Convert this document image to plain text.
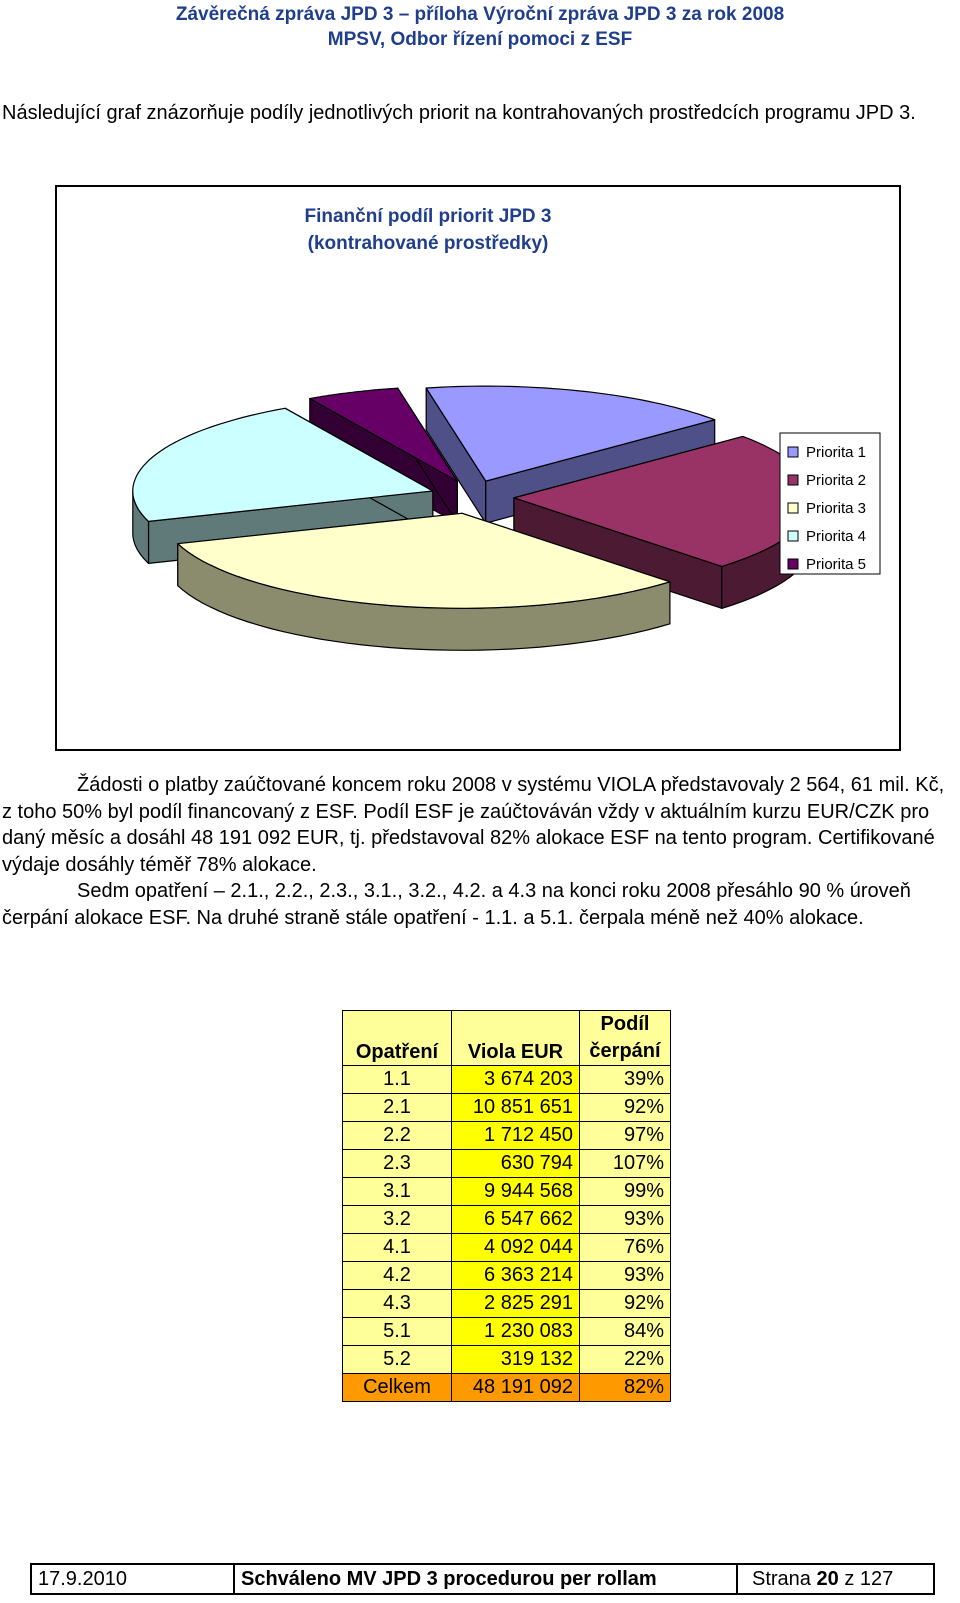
Závěrečná zpráva JPD 3 – příloha Výroční zpráva JPD 3 za rok 2008
MPSV, Odbor řízení pomoci z ESF
Následující graf znázorňuje podíly jednotlivých priorit na kontrahovaných prostředcích programu JPD 3.
Finanční podíl priorit JPD 3
(kontrahované prostředky)
Priorita 1
Priorita 2
Priorita 3
Priorita 4
Priorita 5

Žádosti o platby zaúčtované koncem roku 2008 v systému VIOLA představovaly 2 564, 61 mil. Kč, z toho 50% byl podíl financovaný z ESF. Podíl ESF je zaúčtováván vždy v aktuálním kurzu EUR/CZK pro daný měsíc a dosáhl 48 191 092 EUR, tj. představoval 82% alokace ESF na tento program. Certifikované výdaje dosáhly téměř 78% alokace.

Sedm opatření – 2.1., 2.2., 2.3., 3.1., 3.2., 4.2. a 4.3 na konci roku 2008 přesáhlo 90 % úroveň čerpání alokace ESF. Na druhé straně stále opatření - 1.1. a 5.1. čerpala méně než 40% alokace.

Opatření	Viola EUR	Podíl čerpání
1.1	3 674 203	39%
2.1	10 851 651	92%
2.2	1 712 450	97%
2.3	630 794	107%
3.1	9 944 568	99%
3.2	6 547 662	93%
4.1	4 092 044	76%
4.2	6 363 214	93%
4.3	2 825 291	92%
5.1	1 230 083	84%
5.2	319 132	22%
Celkem	48 191 092	82%
17.9.2010	Schváleno MV JPD 3 procedurou per rollam	Strana
20
z
127
